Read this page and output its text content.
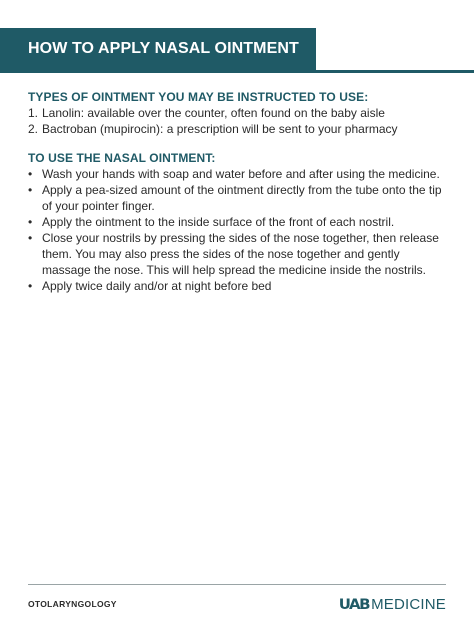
HOW TO APPLY NASAL OINTMENT
TYPES OF OINTMENT YOU MAY BE INSTRUCTED TO USE:
1. Lanolin: available over the counter, often found on the baby aisle
2. Bactroban (mupirocin): a prescription will be sent to your pharmacy
TO USE THE NASAL OINTMENT:
• Wash your hands with soap and water before and after using the medicine.
• Apply a pea-sized amount of the ointment directly from the tube onto the tip of your pointer finger.
• Apply the ointment to the inside surface of the front of each nostril.
• Close your nostrils by pressing the sides of the nose together, then release them. You may also press the sides of the nose together and gently massage the nose. This will help spread the medicine inside the nostrils.
• Apply twice daily and/or at night before bed
OTOLARYNGOLOGY	UAB MEDICINE
